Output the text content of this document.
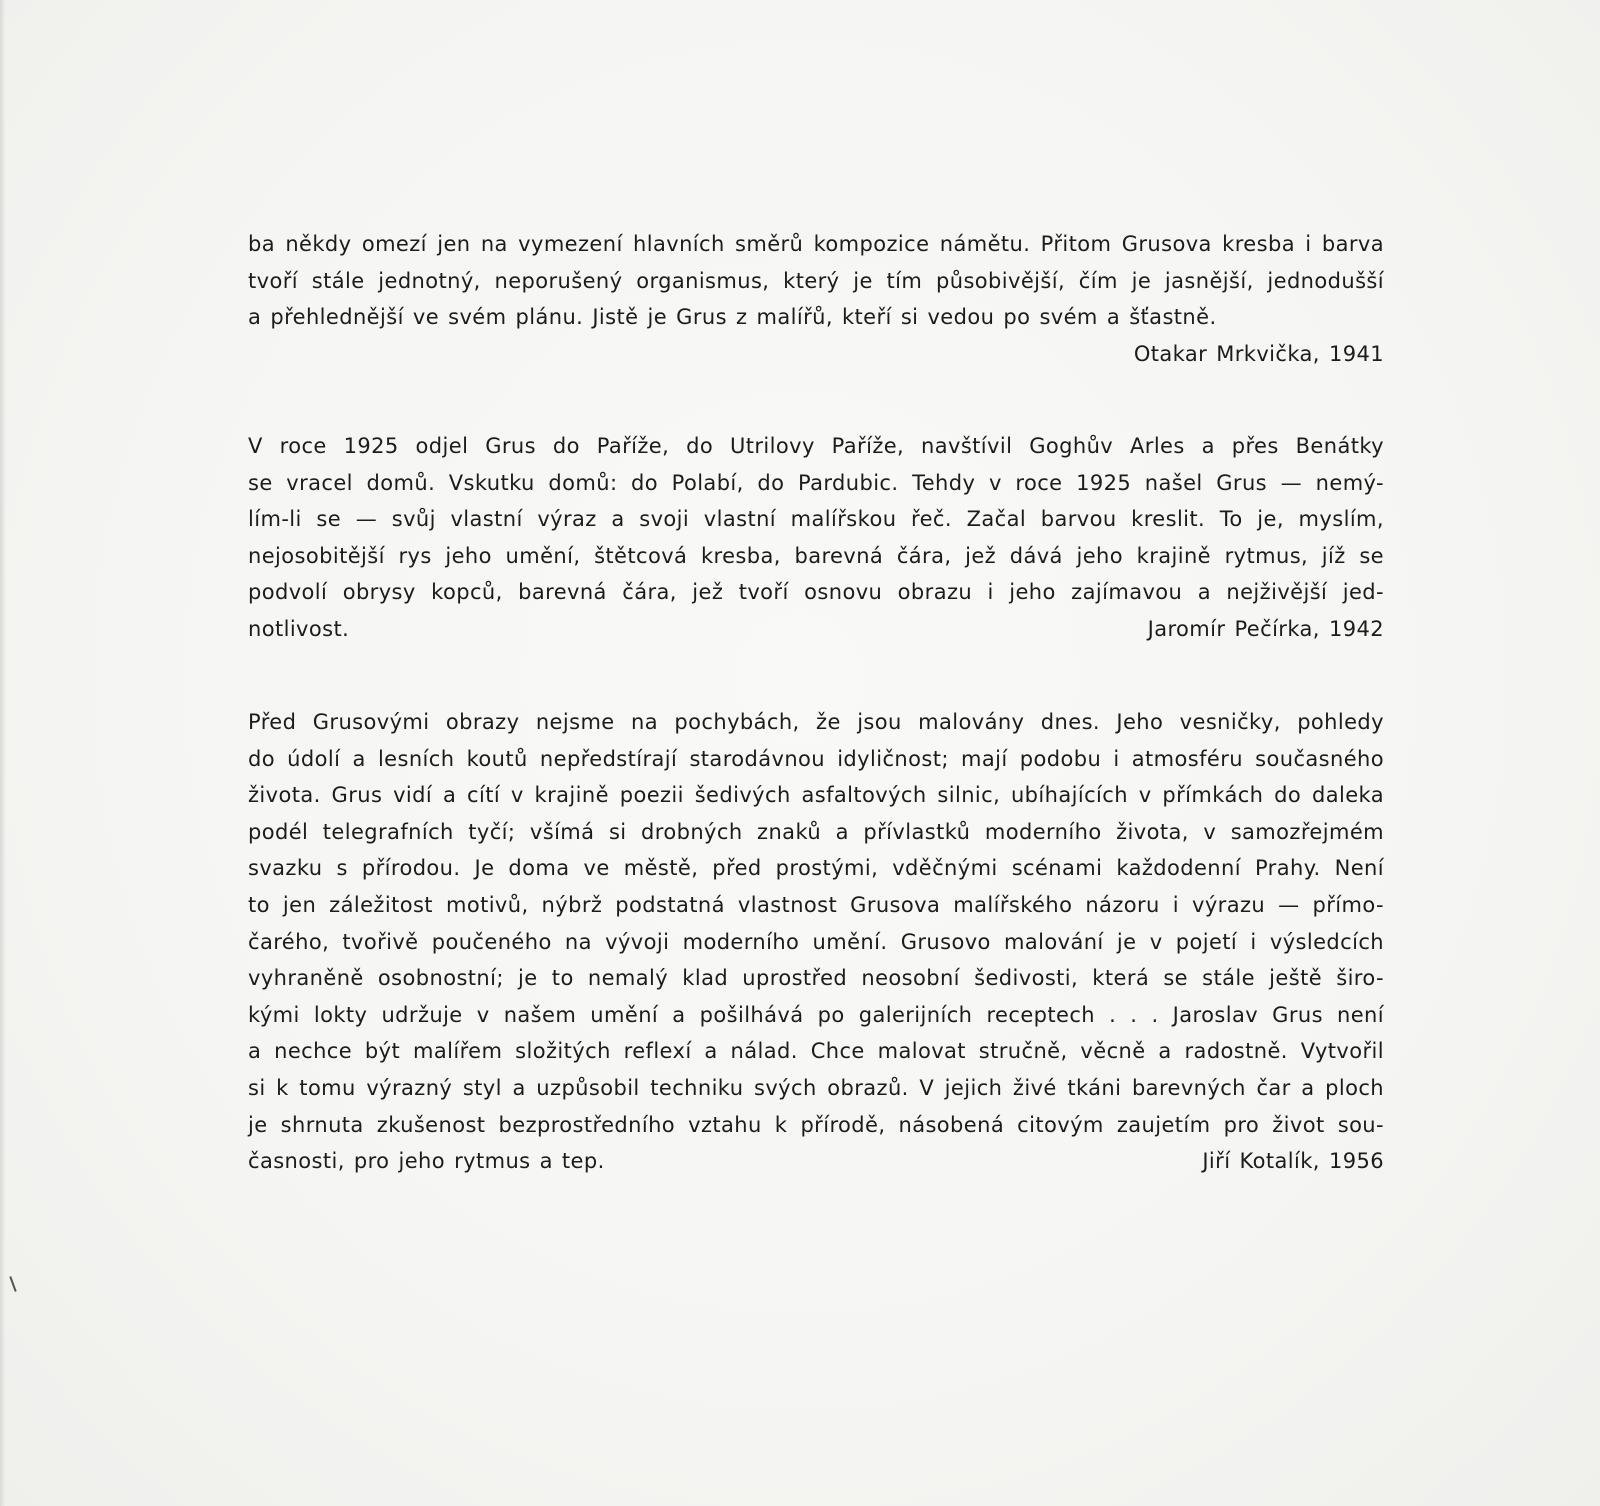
ba někdy omezí jen na vymezení hlavních směrů kompozice námětu. Přitom Grusova kresba i barva
tvoří stále jednotný, neporušený organismus, který je tím působivější, čím je jasnější, jednodušší
a přehlednější ve svém plánu. Jistě je Grus z malířů, kteří si vedou po svém a šťastně.
Otakar Mrkvička, 1941
V roce 1925 odjel Grus do Paříže, do Utrilovy Paříže, navštívil Goghův Arles a přes Benátky
se vracel domů. Vskutku domů: do Polabí, do Pardubic. Tehdy v roce 1925 našel Grus — nemý-
lím-li se — svůj vlastní výraz a svoji vlastní malířskou řeč. Začal barvou kreslit. To je, myslím,
nejosobitější rys jeho umění, štětcová kresba, barevná čára, jež dává jeho krajině rytmus, jíž se
podvolí obrysy kopců, barevná čára, jež tvoří osnovu obrazu i jeho zajímavou a nejživější jed-
notlivost.	Jaromír Pečírka, 1942
Před Grusovými obrazy nejsme na pochybách, že jsou malovány dnes. Jeho vesničky, pohledy
do údolí a lesních koutů nepředstírají starodávnou idyličnost; mají podobu i atmosféru současného
života. Grus vidí a cítí v krajině poezii šedivých asfaltových silnic, ubíhajících v přímkách do daleka
podél telegrafních tyčí; všímá si drobných znaků a přívlastků moderního života, v samozřejmém
svazku s přírodou. Je doma ve městě, před prostými, vděčnými scénami každodenní Prahy. Není
to jen záležitost motivů, nýbrž podstatná vlastnost Grusova malířského názoru i výrazu — přímo-
čarého, tvořivě poučeného na vývoji moderního umění. Grusovo malování je v pojetí i výsledcích
vyhraněně osobnostní; je to nemalý klad uprostřed neosobní šedivosti, která se stále ještě širo-
kými lokty udržuje v našem umění a pošilhává po galerijních receptech . . . Jaroslav Grus není
a nechce být malířem složitých reflexí a nálad. Chce malovat stručně, věcně a radostně. Vytvořil
si k tomu výrazný styl a uzpůsobil techniku svých obrazů. V jejich živé tkáni barevných čar a ploch
je shrnuta zkušenost bezprostředního vztahu k přírodě, násobená citovým zaujetím pro život sou-
časnosti, pro jeho rytmus a tep.	Jiří Kotalík, 1956
